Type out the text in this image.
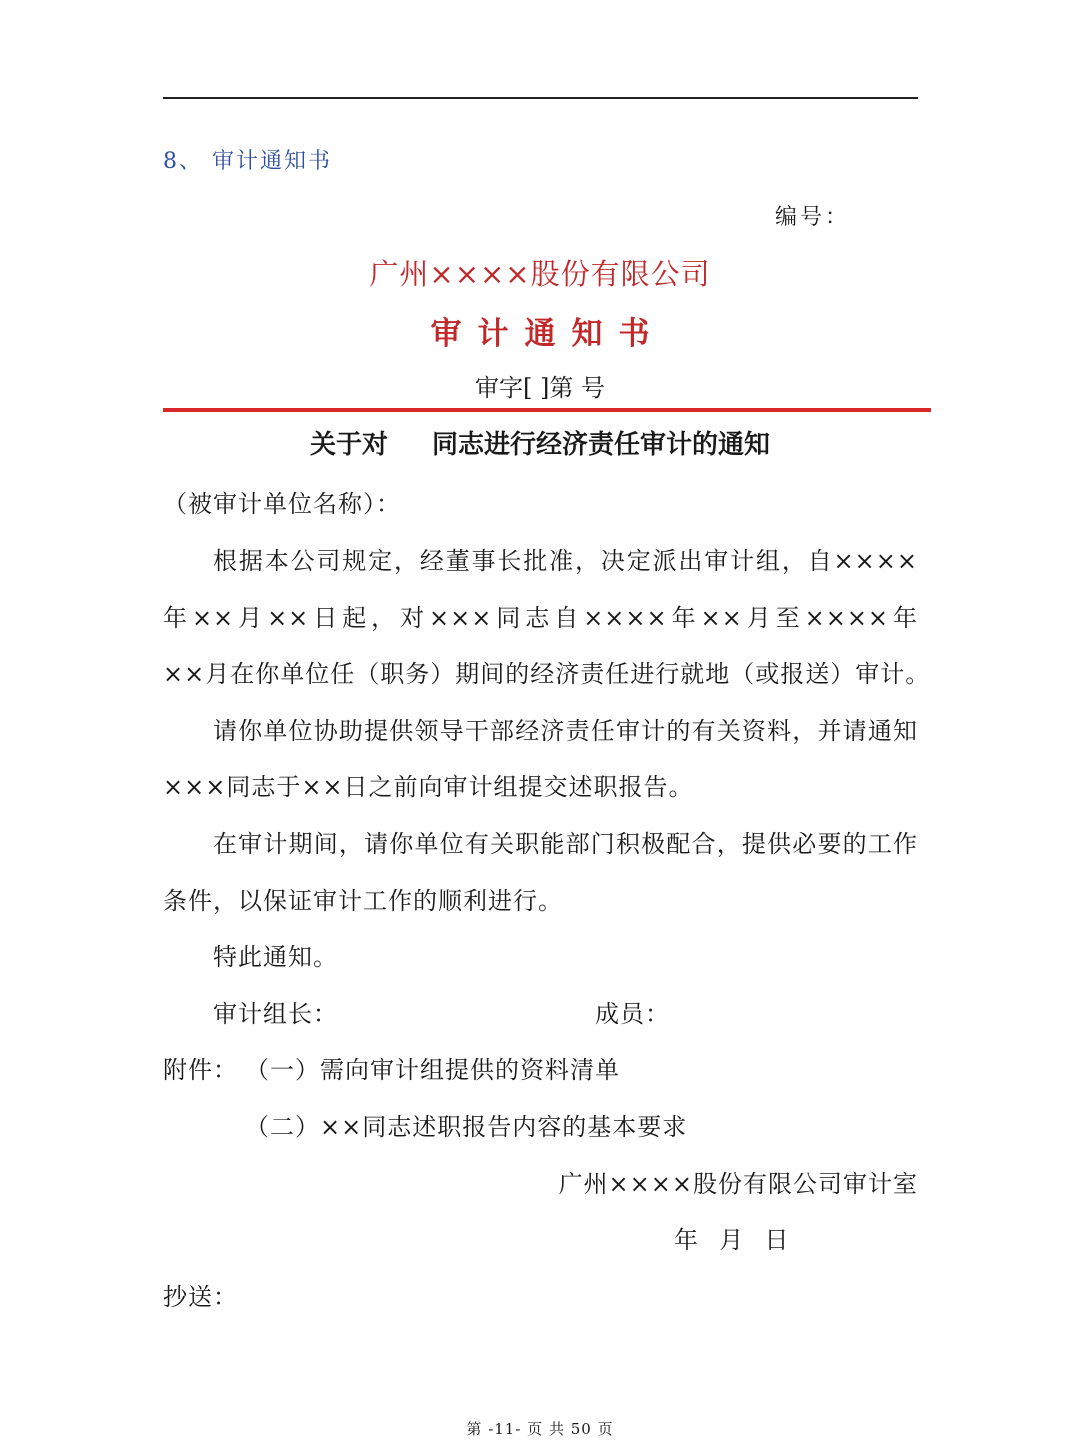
8、 审计通知书
编号：
广州××××股份有限公司
审计通知书
审字[ ]第 号
关于对 同志进行经济责任审计的通知
（被审计单位名称）：
根据本公司规定，经董事长批准，决定派出审计组，自××××
年××月××日起，对×××同志自××××年××月至××××年
××月在你单位任（职务）期间的经济责任进行就地（或报送）审计。
请你单位协助提供领导干部经济责任审计的有关资料，并请通知
×××同志于××日之前向审计组提交述职报告。
在审计期间，请你单位有关职能部门积极配合，提供必要的工作
条件，以保证审计工作的顺利进行。
特此通知。
审计组长：	成员：
附件： （一）需向审计组提供的资料清单
（二）××同志述职报告内容的基本要求
广州××××股份有限公司审计室
年  月  日
抄送：
第 -11- 页 共 50 页
